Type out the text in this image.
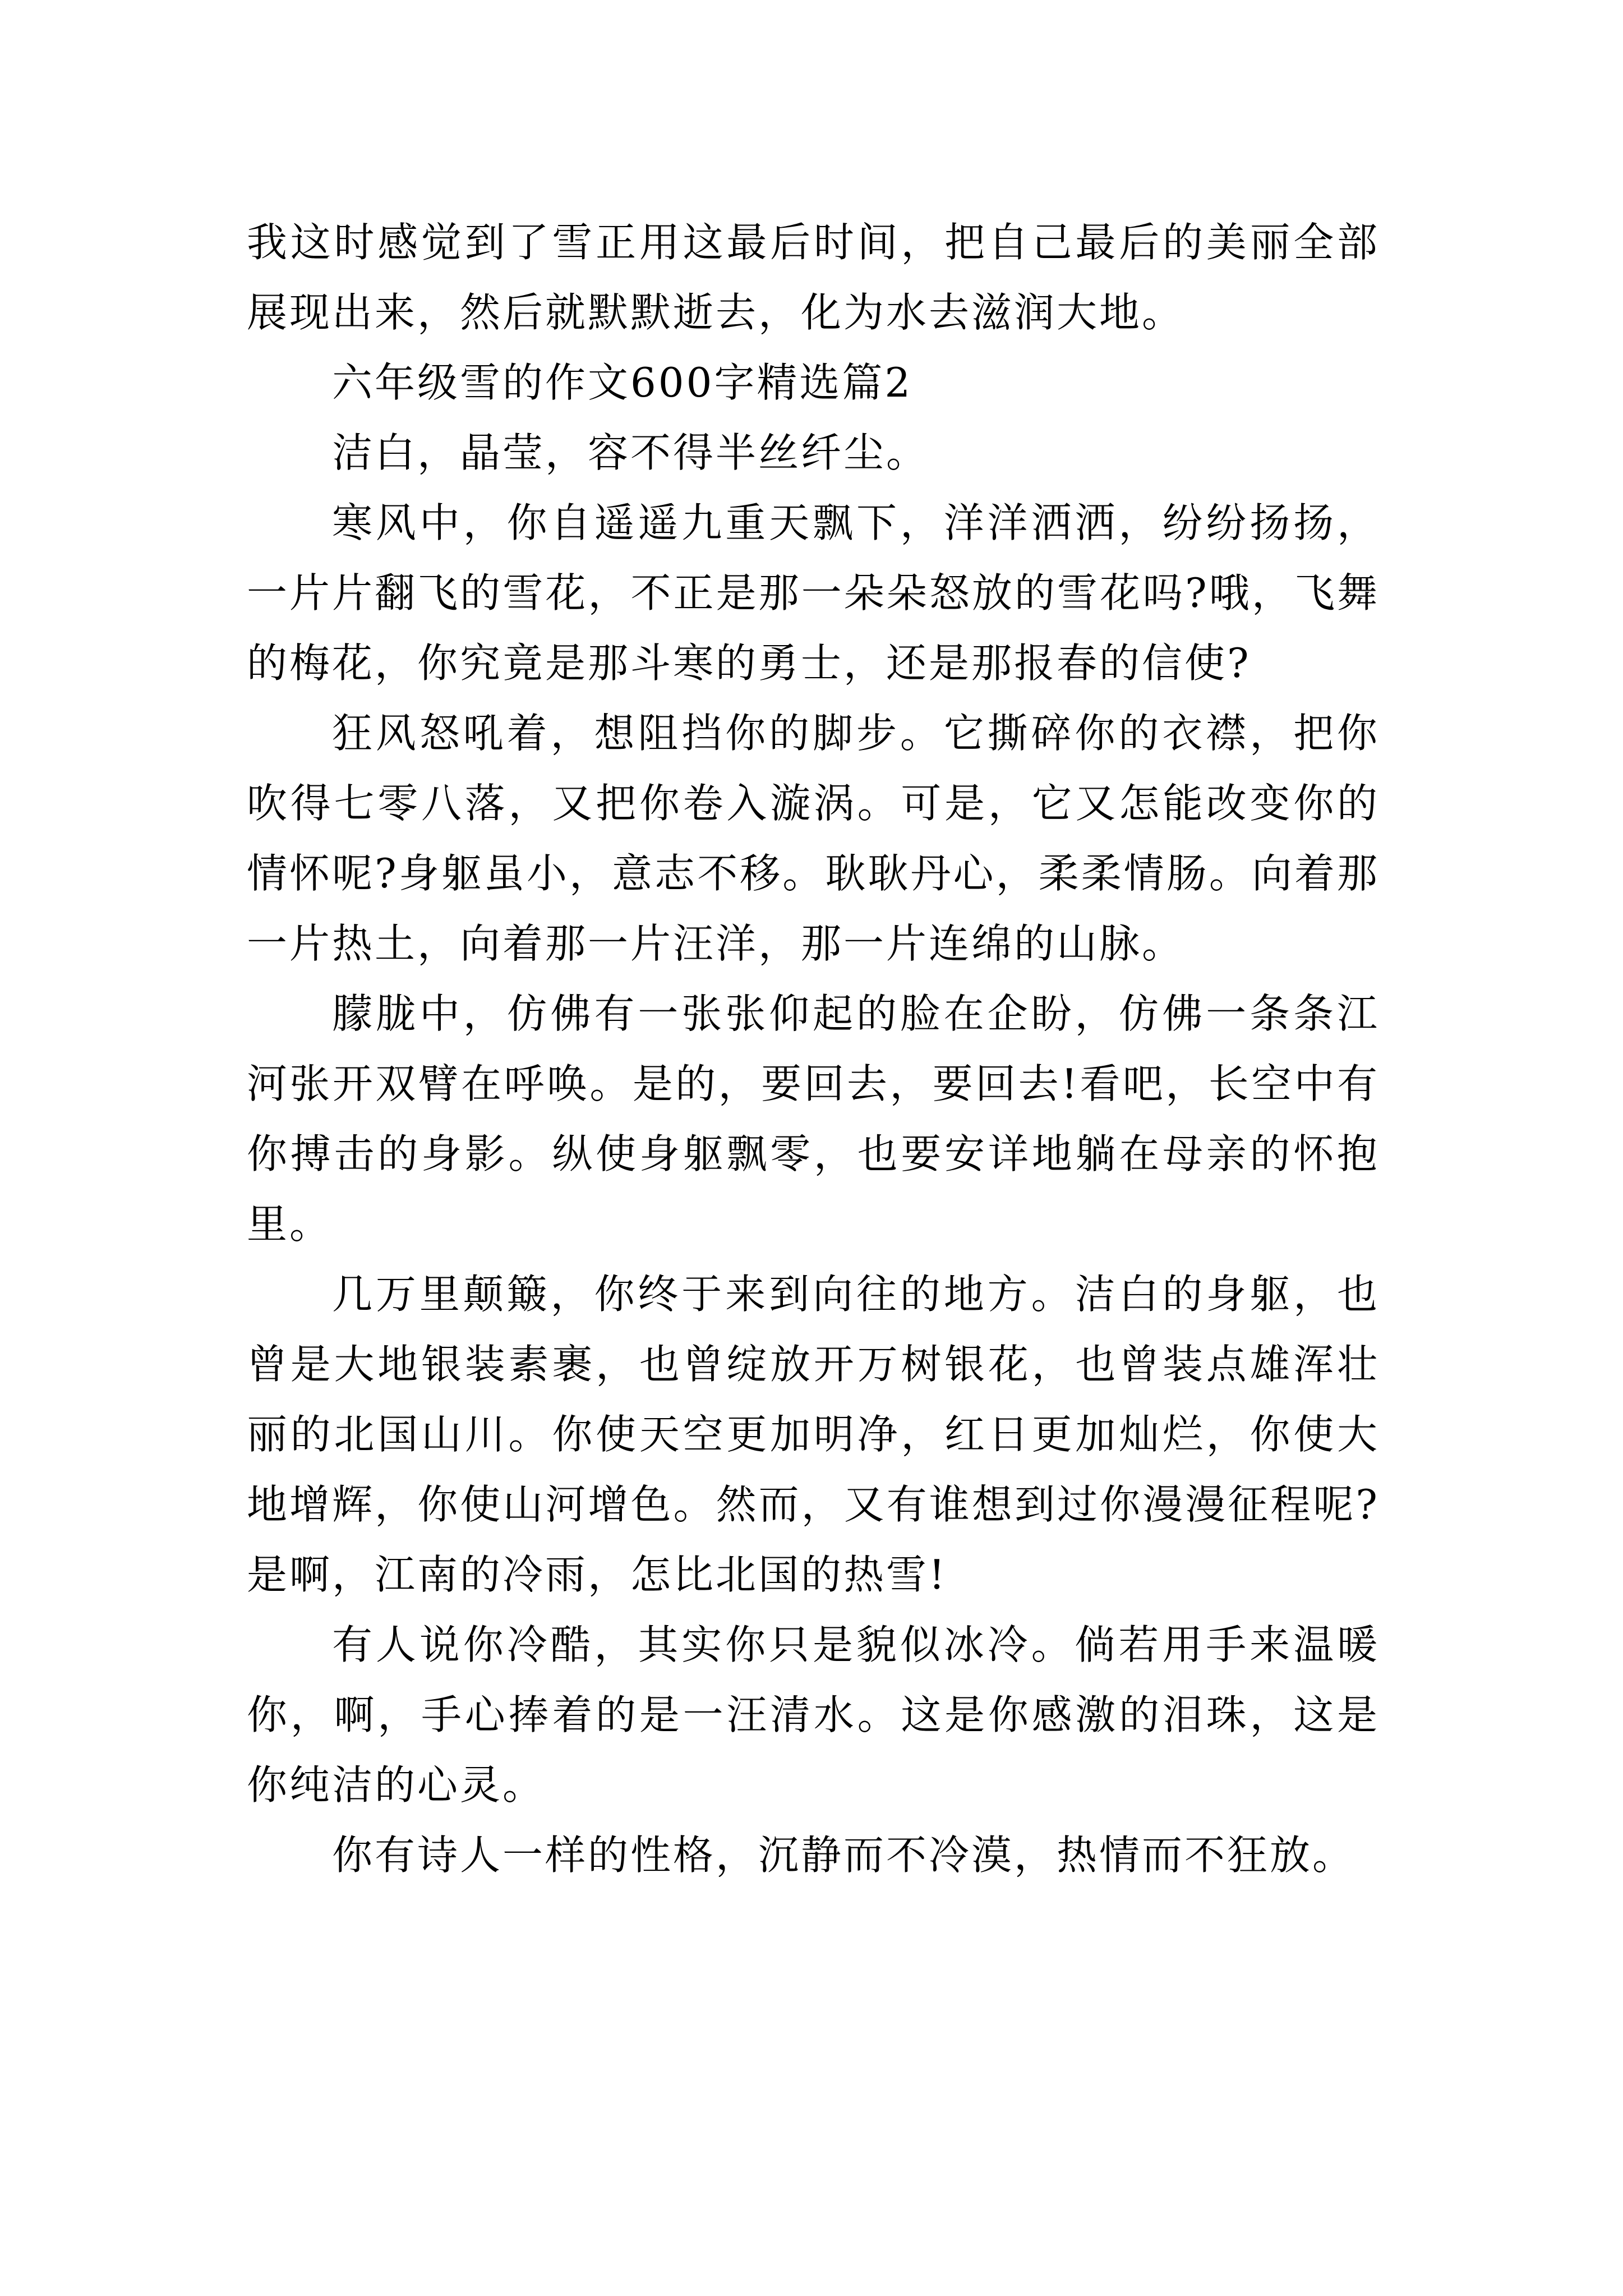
我这时感觉到了雪正用这最后时间，把自己最后的美丽全部展现出来，然后就默默逝去，化为水去滋润大地。

六年级雪的作文600字精选篇2

洁白，晶莹，容不得半丝纤尘。

寒风中，你自遥遥九重天飘下，洋洋洒洒，纷纷扬扬，一片片翻飞的雪花，不正是那一朵朵怒放的雪花吗?哦，飞舞的梅花，你究竟是那斗寒的勇士，还是那报春的信使?

狂风怒吼着，想阻挡你的脚步。它撕碎你的衣襟，把你吹得七零八落，又把你卷入漩涡。可是，它又怎能改变你的情怀呢?身躯虽小，意志不移。耿耿丹心，柔柔情肠。向着那一片热土，向着那一片汪洋，那一片连绵的山脉。

朦胧中，仿佛有一张张仰起的脸在企盼，仿佛一条条江河张开双臂在呼唤。是的，要回去，要回去!看吧，长空中有你搏击的身影。纵使身躯飘零，也要安详地躺在母亲的怀抱里。

几万里颠簸，你终于来到向往的地方。洁白的身躯，也曾是大地银装素裹，也曾绽放开万树银花，也曾装点雄浑壮丽的北国山川。你使天空更加明净，红日更加灿烂，你使大地增辉，你使山河增色。然而，又有谁想到过你漫漫征程呢?是啊，江南的冷雨，怎比北国的热雪!

有人说你冷酷，其实你只是貌似冰冷。倘若用手来温暖你，啊，手心捧着的是一汪清水。这是你感激的泪珠，这是你纯洁的心灵。

你有诗人一样的性格，沉静而不冷漠，热情而不狂放。
